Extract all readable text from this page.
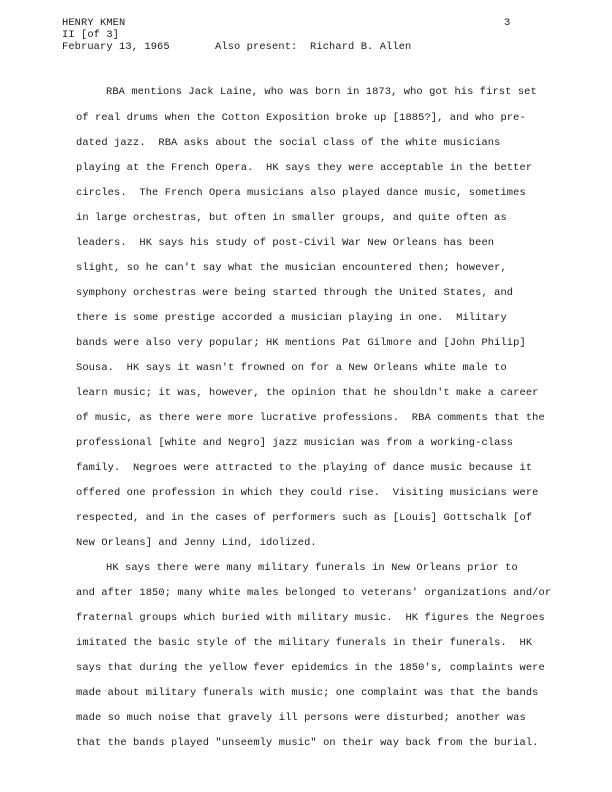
HENRY KMEN

II [of 3]

February 13, 1965	Also present:  Richard B. Allen

3

RBA mentions Jack Laine, who was born in 1873, who got his first set

of real drums when the Cotton Exposition broke up [1885?], and who pre-

dated jazz.  RBA asks about the social class of the white musicians

playing at the French Opera.  HK says they were acceptable in the better

circles.  The French Opera musicians also played dance music, sometimes

in large orchestras, but often in smaller groups, and quite often as

leaders.  HK says his study of post-Civil War New Orleans has been

slight, so he can't say what the musician encountered then; however,

symphony orchestras were being started through the United States, and

there is some prestige accorded a musician playing in one.  Military

bands were also very popular; HK mentions Pat Gilmore and [John Philip]

Sousa.  HK says it wasn't frowned on for a New Orleans white male to

learn music; it was, however, the opinion that he shouldn't make a career

of music, as there were more lucrative professions.  RBA comments that the

professional [white and Negro] jazz musician was from a working-class

family.  Negroes were attracted to the playing of dance music because it

offered one profession in which they could rise.  Visiting musicians were

respected, and in the cases of performers such as [Louis] Gottschalk [of

New Orleans] and Jenny Lind, idolized.

HK says there were many military funerals in New Orleans prior to

and after 1850; many white males belonged to veterans' organizations and/or

fraternal groups which buried with military music.  HK figures the Negroes

imitated the basic style of the military funerals in their funerals.  HK

says that during the yellow fever epidemics in the 1850's, complaints were

made about military funerals with music; one complaint was that the bands

made so much noise that gravely ill persons were disturbed; another was

that the bands played "unseemly music" on their way back from the burial.
